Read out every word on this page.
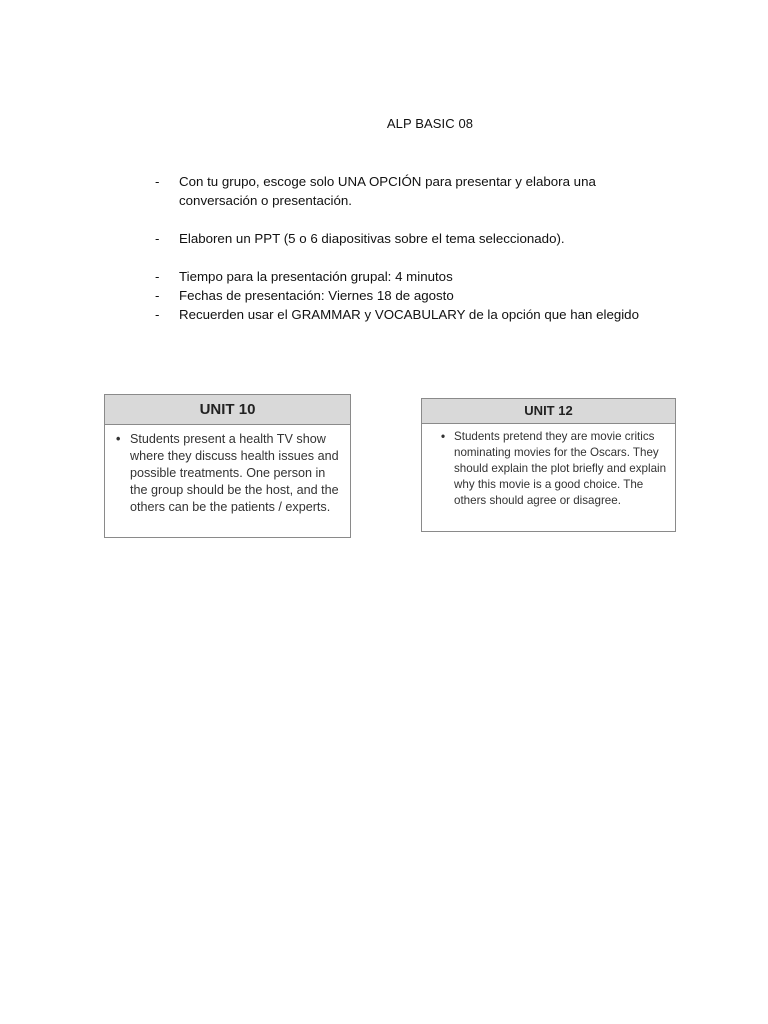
ALP BASIC 08
- Con tu grupo, escoge solo UNA OPCIÓN para presentar y elabora una conversación o presentación.
- Elaboren un PPT (5 o 6 diapositivas sobre el tema seleccionado).
- Tiempo para la presentación grupal: 4 minutos
- Fechas de presentación: Viernes 18 de agosto
- Recuerden usar el GRAMMAR y VOCABULARY de la opción que han elegido
UNIT 10
• Students present a health TV show where they discuss health issues and possible treatments. One person in the group should be the host, and the others can be the patients / experts.
UNIT 12
• Students pretend they are movie critics nominating movies for the Oscars. They should explain the plot briefly and explain why this movie is a good choice. The others should agree or disagree.
